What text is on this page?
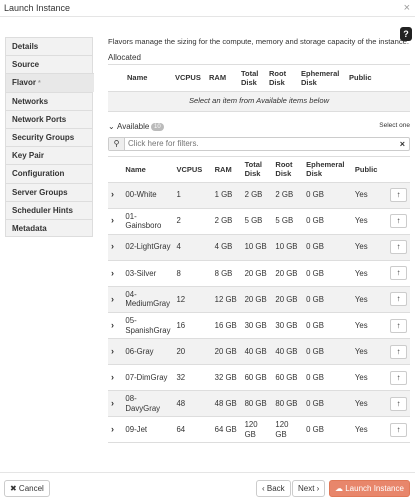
Launch Instance	×
?
Details
Source
Flavor *
Networks
Network Ports
Security Groups
Key Pair
Configuration
Server Groups
Scheduler Hints
Metadata

Flavors manage the sizing for the compute, memory and storage capacity of the instance.

Allocated
	Name	VCPUS	RAM	Total Disk	Root Disk	Ephemeral Disk	Public
Select an item from Available items below
⌄ Available 10	Select one
⚲
Click here for filters.	×
	Name	VCPUS	RAM	Total Disk	Root Disk	Ephemeral Disk	Public	
›	00-White	1	1 GB	2 GB	2 GB	0 GB	Yes	↑
›	01-Gainsboro	2	2 GB	5 GB	5 GB	0 GB	Yes	↑
›	02-LightGray	4	4 GB	10 GB	10 GB	0 GB	Yes	↑
›	03-Silver	8	8 GB	20 GB	20 GB	0 GB	Yes	↑
›	04-MediumGray	12	12 GB	20 GB	20 GB	0 GB	Yes	↑
›	05-SpanishGray	16	16 GB	30 GB	30 GB	0 GB	Yes	↑
›	06-Gray	20	20 GB	40 GB	40 GB	0 GB	Yes	↑
›	07-DimGray	32	32 GB	60 GB	60 GB	0 GB	Yes	↑
›	08-DavyGray	48	48 GB	80 GB	80 GB	0 GB	Yes	↑
›	09-Jet	64	64 GB	120 GB	120 GB	0 GB	Yes	↑
✖ Cancel	‹ Back	Next ›	☁ Launch Instance
